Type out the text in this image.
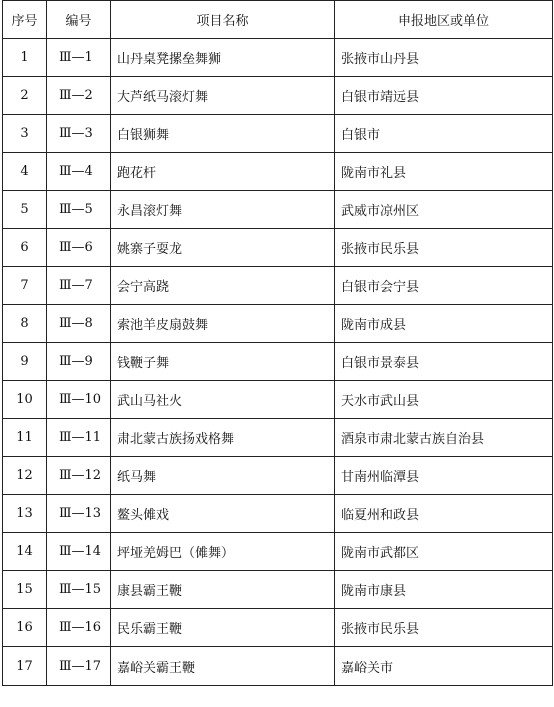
序号	编号	项目名称	申报地区或单位
1	Ⅲ—1	山丹桌凳摞垒舞狮	张掖市山丹县
2	Ⅲ—2	大芦纸马滚灯舞	白银市靖远县
3	Ⅲ—3	白银狮舞	白银市
4	Ⅲ—4	跑花杆	陇南市礼县
5	Ⅲ—5	永昌滚灯舞	武威市凉州区
6	Ⅲ—6	姚寨子耍龙	张掖市民乐县
7	Ⅲ—7	会宁高跷	白银市会宁县
8	Ⅲ—8	索池羊皮扇鼓舞	陇南市成县
9	Ⅲ—9	钱鞭子舞	白银市景泰县
10	Ⅲ—10	武山马社火	天水市武山县
11	Ⅲ—11	肃北蒙古族扬戏格舞	酒泉市肃北蒙古族自治县
12	Ⅲ—12	纸马舞	甘南州临潭县
13	Ⅲ—13	鳌头傩戏	临夏州和政县
14	Ⅲ—14	坪垭羌姆巴（傩舞）	陇南市武都区
15	Ⅲ—15	康县霸王鞭	陇南市康县
16	Ⅲ—16	民乐霸王鞭	张掖市民乐县
17	Ⅲ—17	嘉峪关霸王鞭	嘉峪关市
